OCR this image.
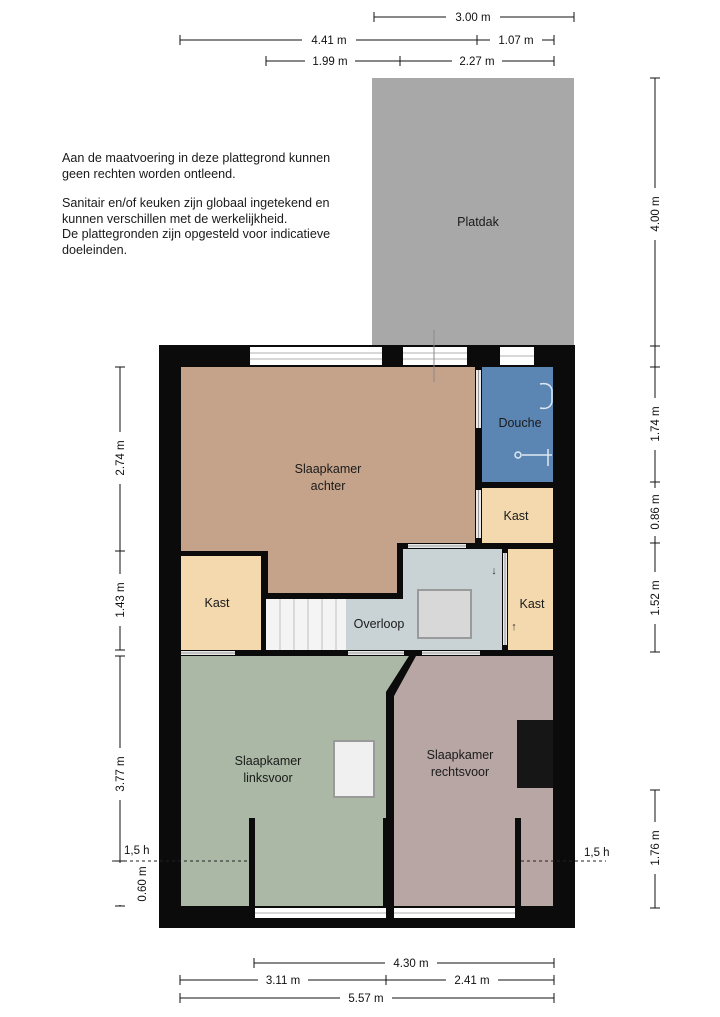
Aan de maatvoering in deze plattegrond kunnen
geen rechten worden ontleend.
Sanitair en/of keuken zijn globaal ingetekend en
kunnen verschillen met de werkelijkheid.
De plattegronden zijn opgesteld voor indicatieve
doeleinden.
Platdak
↓
↑
Douche
Slaapkamer
achter
Kast
Kast
Overloop
Kast
Slaapkamer
linksvoor
Slaapkamer
rechtsvoor
3.00 m
4.41 m	1.07 m
1.99 m	2.27 m
4.00 m
1.74 m
0.86 m
1.52 m
1.76 m
2.74 m
1.43 m
3.77 m
0.60 m
1,5 h	1,5 h
4.30 m
3.11 m	2.41 m
5.57 m
